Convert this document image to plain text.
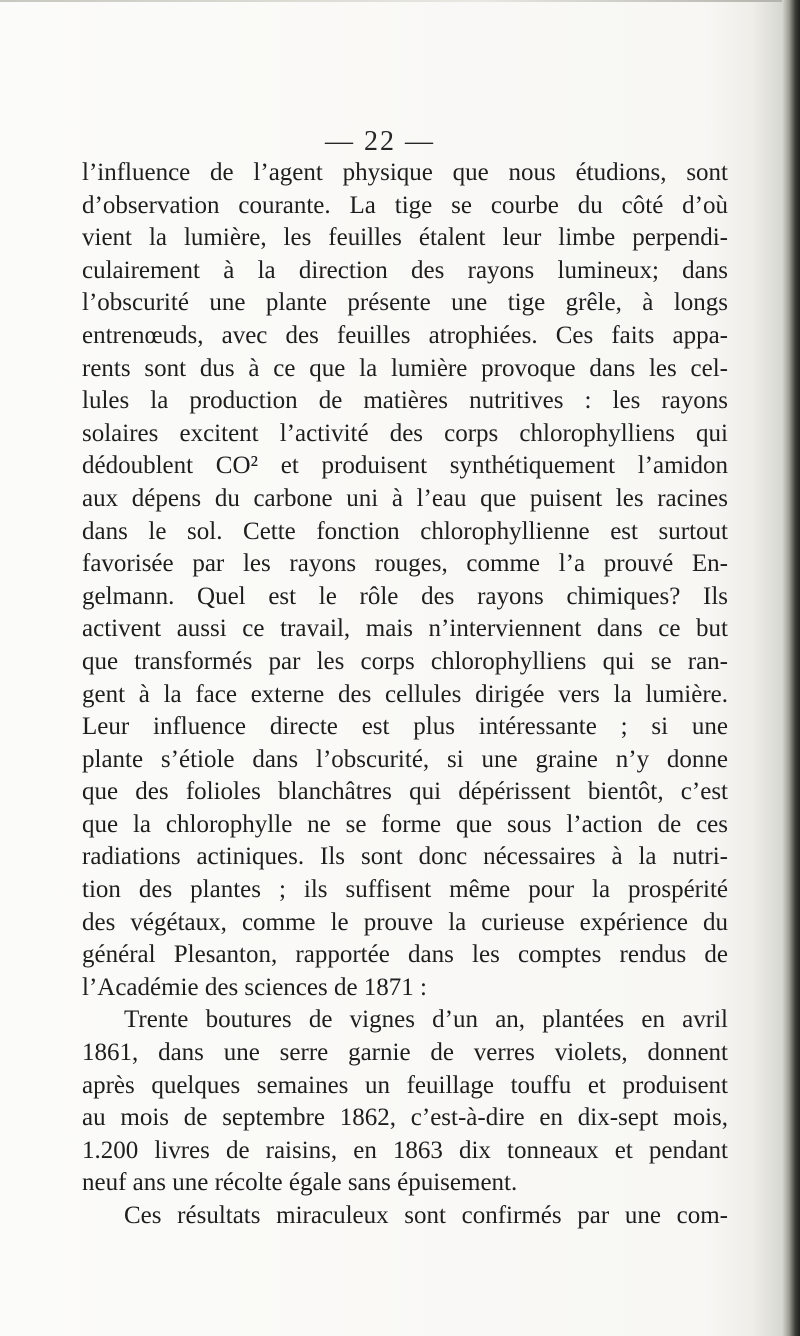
— 22 —
l’influence de l’agent physique que nous étudions, sont
d’observation courante. La tige se courbe du côté d’où
vient la lumière, les feuilles étalent leur limbe perpendi-
culairement à la direction des rayons lumineux; dans
l’obscurité une plante présente une tige grêle, à longs
entrenœuds, avec des feuilles atrophiées. Ces faits appa-
rents sont dus à ce que la lumière provoque dans les cel-
lules la production de matières nutritives : les rayons
solaires excitent l’activité des corps chlorophylliens qui
dédoublent CO² et produisent synthétiquement l’amidon
aux dépens du carbone uni à l’eau que puisent les racines
dans le sol. Cette fonction chlorophyllienne est surtout
favorisée par les rayons rouges, comme l’a prouvé En-
gelmann. Quel est le rôle des rayons chimiques? Ils
activent aussi ce travail, mais n’interviennent dans ce but
que transformés par les corps chlorophylliens qui se ran-
gent à la face externe des cellules dirigée vers la lumière.
Leur influence directe est plus intéressante ; si une
plante s’étiole dans l’obscurité, si une graine n’y donne
que des folioles blanchâtres qui dépérissent bientôt, c’est
que la chlorophylle ne se forme que sous l’action de ces
radiations actiniques. Ils sont donc nécessaires à la nutri-
tion des plantes ; ils suffisent même pour la prospérité
des végétaux, comme le prouve la curieuse expérience du
général Plesanton, rapportée dans les comptes rendus de
l’Académie des sciences de 1871 :
Trente boutures de vignes d’un an, plantées en avril
1861, dans une serre garnie de verres violets, donnent
après quelques semaines un feuillage touffu et produisent
au mois de septembre 1862, c’est-à-dire en dix-sept mois,
1.200 livres de raisins, en 1863 dix tonneaux et pendant
neuf ans une récolte égale sans épuisement.
Ces résultats miraculeux sont confirmés par une com-
